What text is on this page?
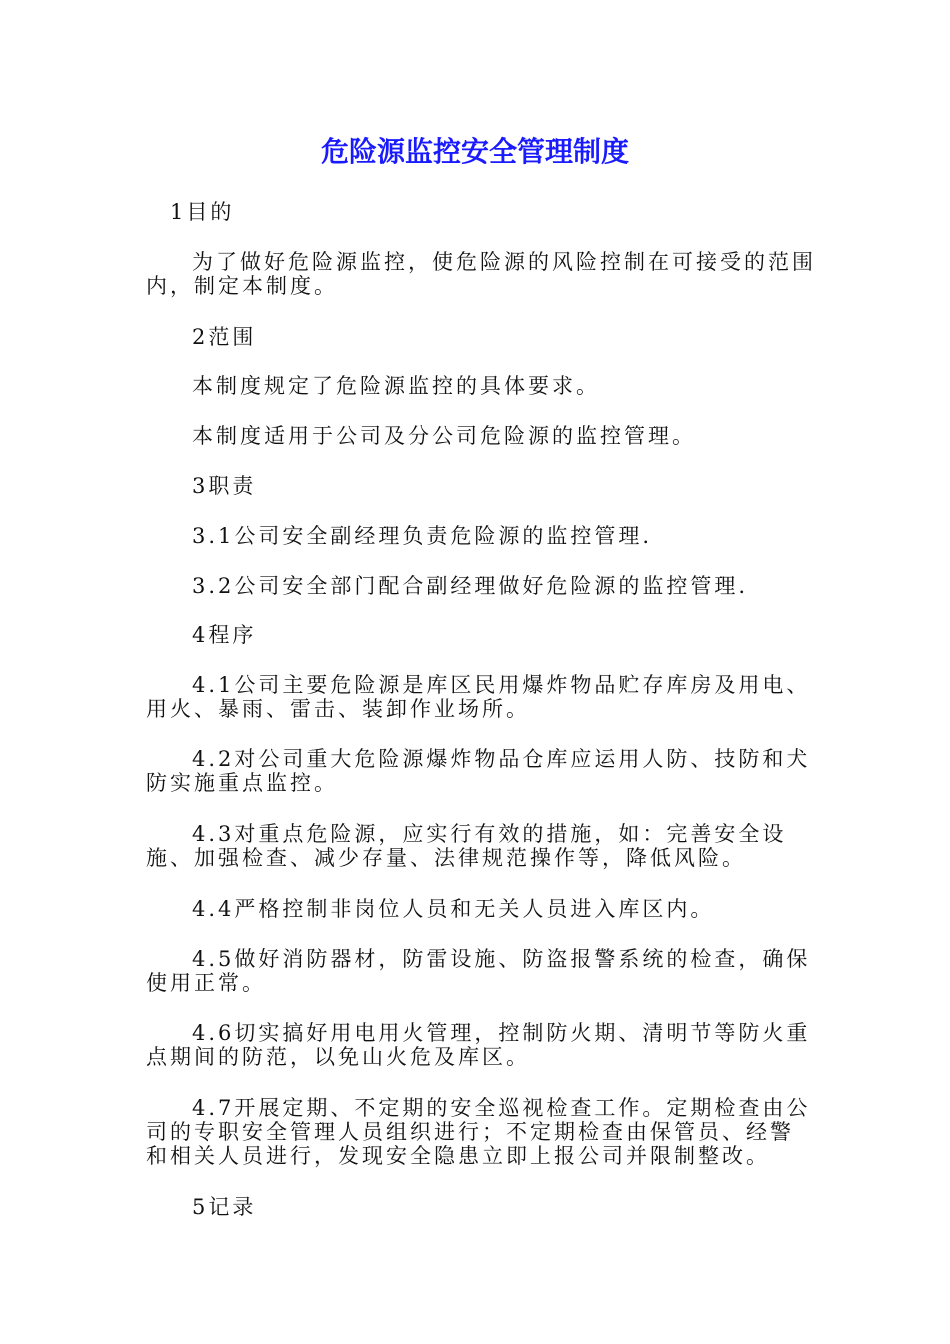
危险源监控安全管理制度
1目的
为了做好危险源监控，使危险源的风险控制在可接受的范围内，制定本制度。
2范围
本制度规定了危险源监控的具体要求。
本制度适用于公司及分公司危险源的监控管理。
3职责
3.1公司安全副经理负责危险源的监控管理.
3.2公司安全部门配合副经理做好危险源的监控管理.
4程序
4.1公司主要危险源是库区民用爆炸物品贮存库房及用电、用火、暴雨、雷击、装卸作业场所。
4.2对公司重大危险源爆炸物品仓库应运用人防、技防和犬防实施重点监控。
4.3对重点危险源，应实行有效的措施，如：完善安全设施、加强检查、减少存量、法律规范操作等，降低风险。
4.4严格控制非岗位人员和无关人员进入库区内。
4.5做好消防器材，防雷设施、防盗报警系统的检查，确保使用正常。
4.6切实搞好用电用火管理，控制防火期、清明节等防火重点期间的防范，以免山火危及库区。
4.7开展定期、不定期的安全巡视检查工作。定期检查由公司的专职安全管理人员组织进行；不定期检查由保管员、经警和相关人员进行，发现安全隐患立即上报公司并限制整改。
5记录
